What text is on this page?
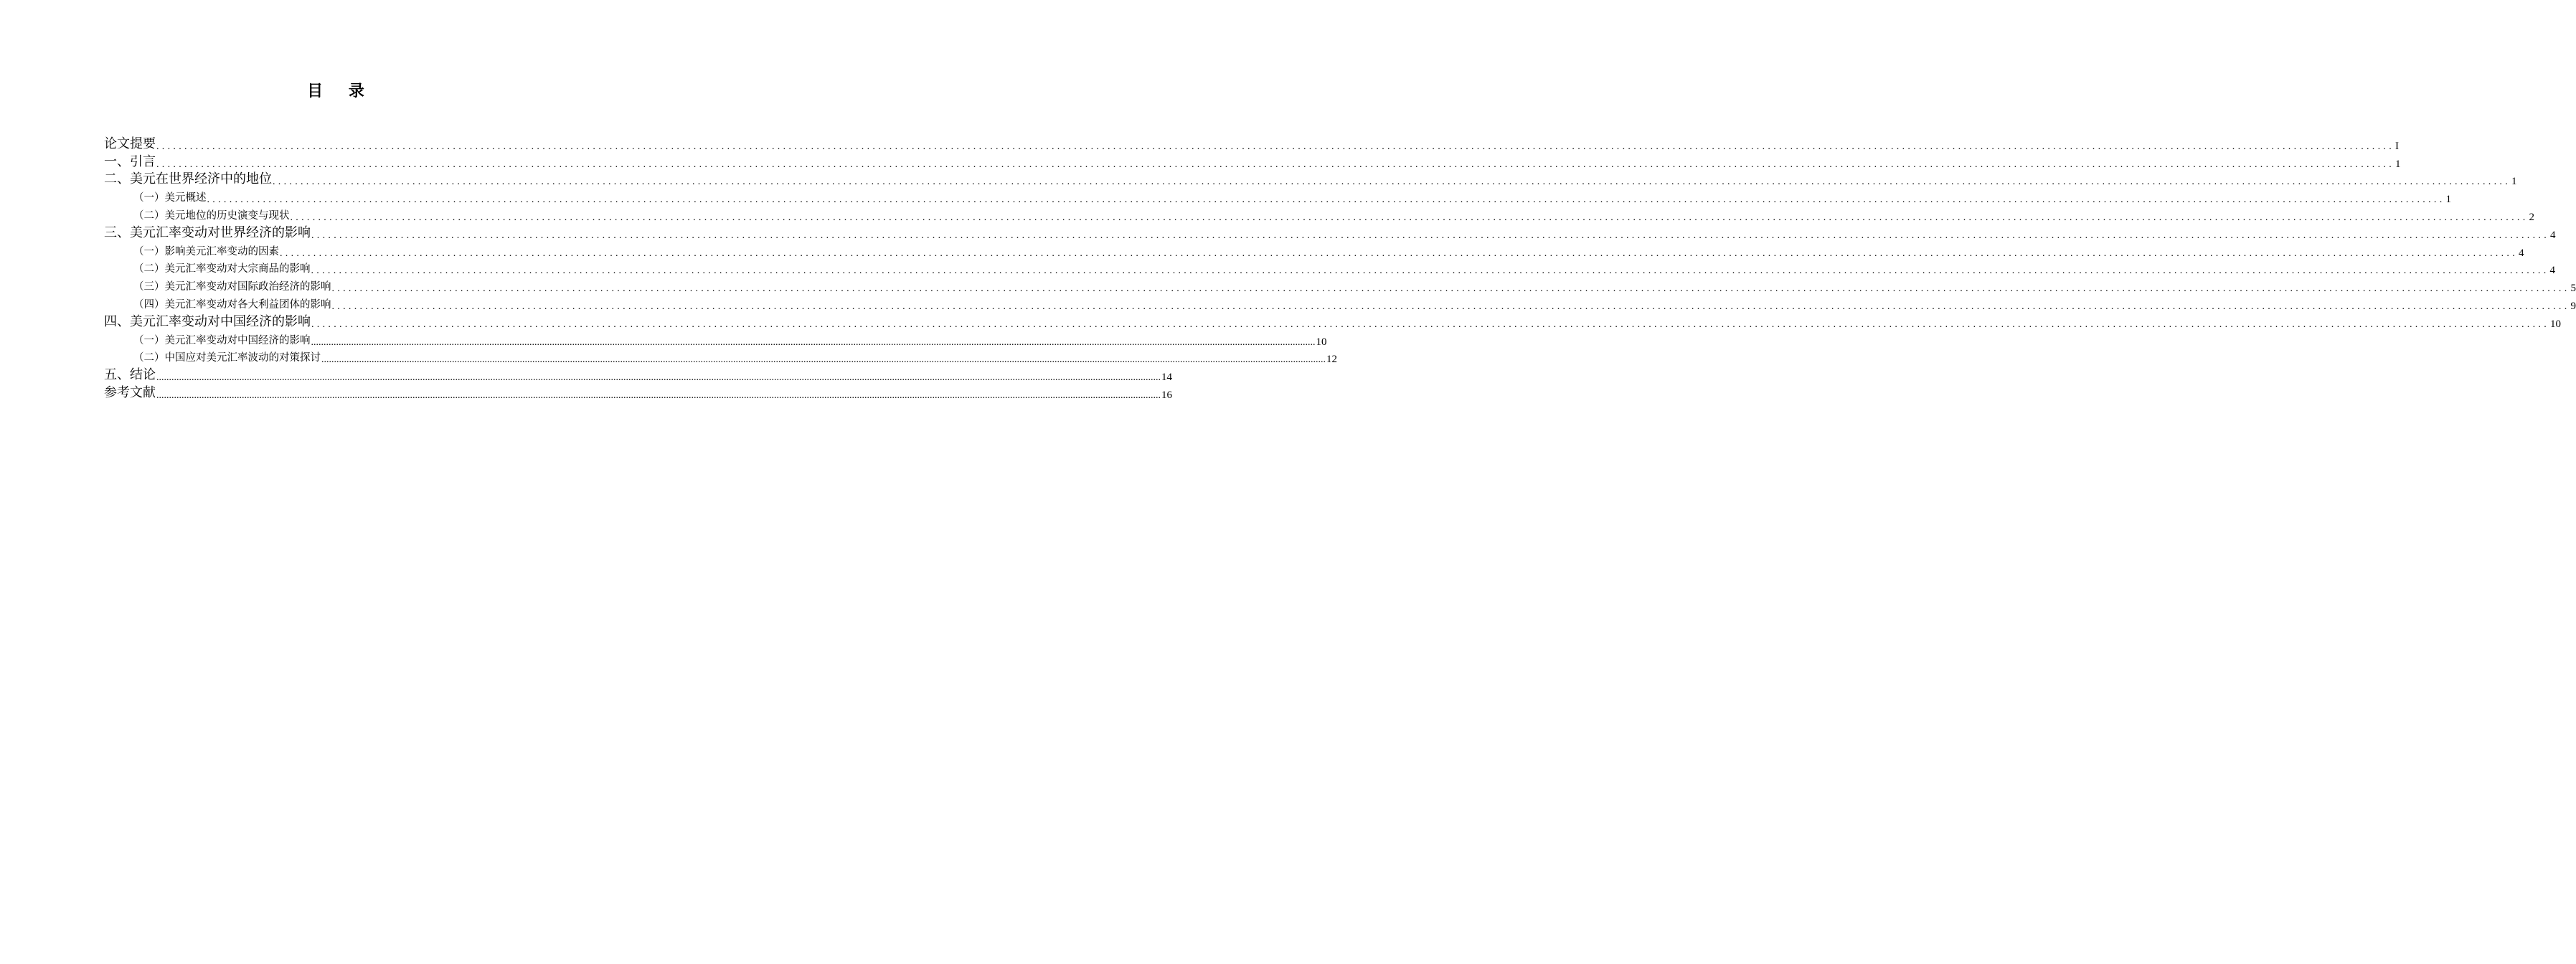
目 录
论文提要 ................................................................................................................................................................................................................................................................................................................................................................................................................ I
一、引言 ................................................................................................................................................................................................................................................................................................................................................................................................................ 1
二、美元在世界经济中的地位 ................................................................................................................................................................................................................................................................................................................................................................................................................ 1
（一）美元概述 ................................................................................................................................................................................................................................................................................................................................................................................................................ 1
（二）美元地位的历史演变与现状 ................................................................................................................................................................................................................................................................................................................................................................................................................ 2
三、美元汇率变动对世界经济的影响 ................................................................................................................................................................................................................................................................................................................................................................................................................ 4
（一）影响美元汇率变动的因素 ................................................................................................................................................................................................................................................................................................................................................................................................................ 4
（二）美元汇率变动对大宗商品的影响 ................................................................................................................................................................................................................................................................................................................................................................................................................ 4
（三）美元汇率变动对国际政治经济的影响 ................................................................................................................................................................................................................................................................................................................................................................................................................ 5
（四）美元汇率变动对各大利益团体的影响 ................................................................................................................................................................................................................................................................................................................................................................................................................ 9
四、美元汇率变动对中国经济的影响 ................................................................................................................................................................................................................................................................................................................................................................................................................ 10
（一）美元汇率变动对中国经济的影响 ................................................................................................................................................................................................................................................................................................................................................................................................................ 10
（二）中国应对美元汇率波动的对策探讨 ................................................................................................................................................................................................................................................................................................................................................................................................................ 12
五、结论 ................................................................................................................................................................................................................................................................................................................................................................................................................ 14
参考文献 ................................................................................................................................................................................................................................................................................................................................................................................................................ 16
